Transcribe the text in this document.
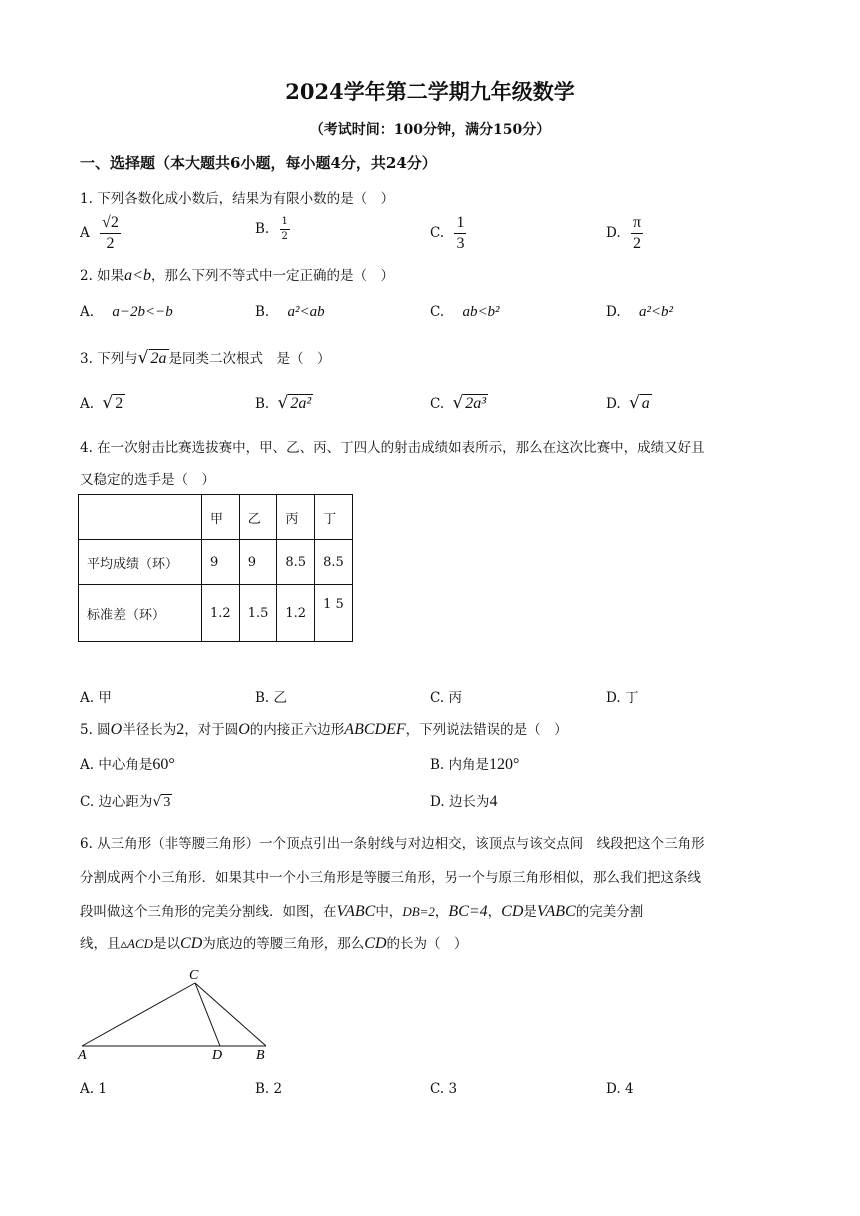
2024学年第二学期九年级数学
（考试时间：100分钟，满分150分）
一、选择题（本大题共6小题，每小题4分，共24分）
1. 下列各数化成小数后，结果为有限小数的是（　）
A $\frac{√2}{2}$	B. $\frac{1}{2}$	C. $\frac{1}{3}$	D. $\frac{\pi}{2}$
2. 如果a<b，那么下列不等式中一定正确的是（　）
A. a−2b<−b	B. a²<ab	C. ab<b²	D. a²<b²
3. 下列与√ 2a 是同类二次根式　是（　）
A. √ 2	B. √ 2a²	C. √ 2a³	D. √ a
4. 在一次射击比赛选拔赛中，甲、乙、丙、丁四人的射击成绩如表所示，那么在这次比赛中，成绩又好且
又稳定的选手是（　）
	甲	乙	丙	丁
平均成绩（环）	9	9	8.5	8.5
标准差（环）	1.2	1.5	1.2	1 5
A. 甲	B. 乙	C. 丙	D. 丁
5. 圆O半径长为2，对于圆O的内接正六边形ABCDEF，下列说法错误的是（　）
A. 中心角是60°	B. 内角是120°
C. 边心距为√ 3	D. 边长为4
6. 从三角形（非等腰三角形）一个顶点引出一条射线与对边相交，该顶点与该交点间　线段把这个三角形
分割成两个小三角形．如果其中一个小三角形是等腰三角形，另一个与原三角形相似，那么我们把这条线
段叫做这个三角形的完美分割线．如图，在VABC中，DB=2，BC=4，CD是VABC的完美分割
线，且▵ACD是以CD为底边的等腰三角形，那么CD的长为（　）
A	D B
C
A. 1	B. 2	C. 3	D. 4
